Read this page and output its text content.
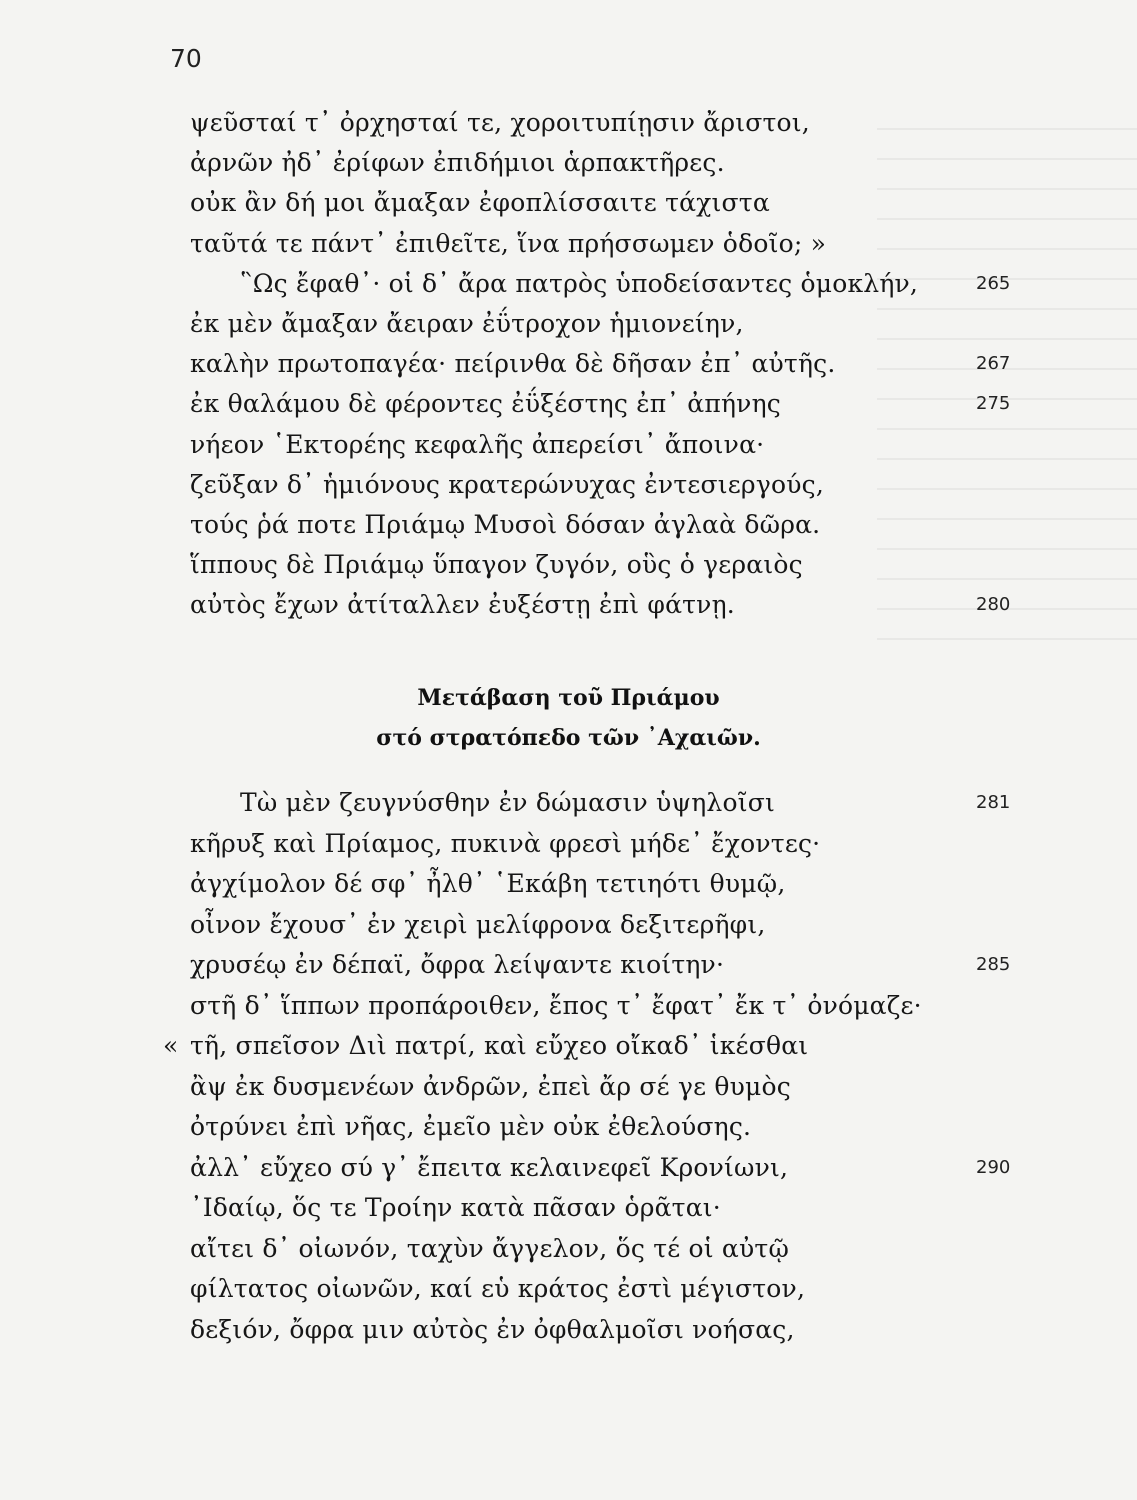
70
ψεῦσταί τ᾽ ὀρχησταί τε, χοροιτυπίῃσιν ἄριστοι,
ἀρνῶν ἠδ᾽ ἐρίφων ἐπιδήμιοι ἁρπακτῆρες.
οὐκ ἂν δή μοι ἄμαξαν ἐφοπλίσσαιτε τάχιστα
ταῦτά τε πάντ᾽ ἐπιθεῖτε, ἵνα πρήσσωμεν ὁδοῖο; »
῝Ως ἔφαθ᾽· οἱ δ᾽ ἄρα πατρὸς ὑποδείσαντες ὁμοκλήν,	265
ἐκ μὲν ἄμαξαν ἄειραν ἐΰτροχον ἡμιονείην,
καλὴν πρωτοπαγέα· πείρινθα δὲ δῆσαν ἐπ᾽ αὐτῆς.	267
ἐκ θαλάμου δὲ φέροντες ἐΰξέστης ἐπ᾽ ἀπήνης	275
νήεον ῾Εκτορέης κεφαλῆς ἀπερείσι᾽ ἄποινα·
ζεῦξαν δ᾽ ἡμιόνους κρατερώνυχας ἐντεσιεργούς,
τούς ῥά ποτε Πριάμῳ Μυσοὶ δόσαν ἀγλαὰ δῶρα.
ἵππους δὲ Πριάμῳ ὕπαγον ζυγόν, οὓς ὁ γεραιὸς
αὐτὸς ἔχων ἀτίταλλεν ἐυξέστῃ ἐπὶ φάτνῃ.	280
Μετάβαση τοῦ Πριάμου
στό στρατόπεδο τῶν ᾿Αχαιῶν.
Τὼ μὲν ζευγνύσθην ἐν δώμασιν ὑψηλοῖσι	281
κῆρυξ καὶ Πρίαμος, πυκινὰ φρεσὶ μήδε᾽ ἔχοντες·
ἀγχίμολον δέ σφ᾽ ἦλθ᾽ ῾Εκάβη τετιηότι θυμῷ,
οἶνον ἔχουσ᾽ ἐν χειρὶ μελίφρονα δεξιτερῆφι,
χρυσέῳ ἐν δέπαϊ, ὄφρα λείψαντε κιοίτην·	285
στῆ δ᾽ ἵππων προπάροιθεν, ἔπος τ᾽ ἔφατ᾽ ἔκ τ᾽ ὀνόμαζε·
« τῆ, σπεῖσον Διὶ πατρί, καὶ εὔχεο οἴκαδ᾽ ἱκέσθαι
ἂψ ἐκ δυσμενέων ἀνδρῶν, ἐπεὶ ἄρ σέ γε θυμὸς
ὀτρύνει ἐπὶ νῆας, ἐμεῖο μὲν οὐκ ἐθελούσης.
ἀλλ᾽ εὔχεο σύ γ᾽ ἔπειτα κελαινεφεῖ Κρονίωνι,	290
᾿Ιδαίῳ, ὅς τε Τροίην κατὰ πᾶσαν ὁρᾶται·
αἴτει δ᾽ οἰωνόν, ταχὺν ἄγγελον, ὅς τέ οἱ αὐτῷ
φίλτατος οἰωνῶν, καί εὑ κράτος ἐστὶ μέγιστον,
δεξιόν, ὄφρα μιν αὐτὸς ἐν ὀφθαλμοῖσι νοήσας,
